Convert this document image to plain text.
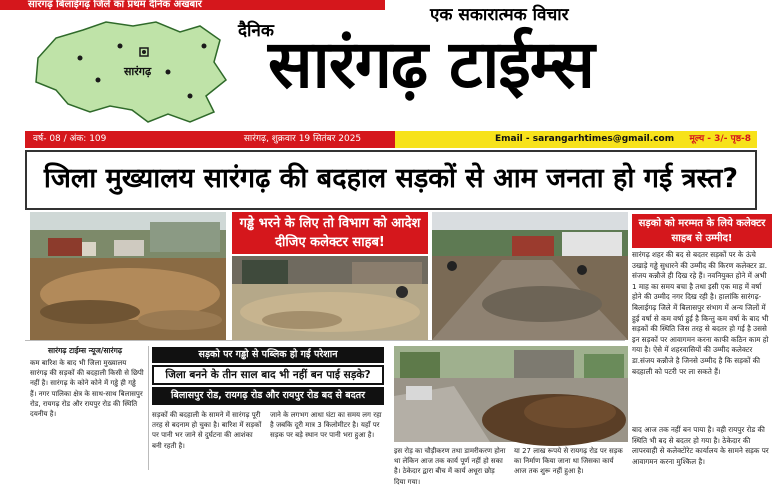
सारंगढ़ बिलाईगढ़ जिले का प्रथम दैनिक अखबार
सारंगढ़
दैनिक
एक सकारात्मक विचार
सारंगढ़ टाईम्स
वर्ष- 08 / अंक: 109	सारंगढ़, शुक्रवार 19 सितंबर 2025	Email - sarangarhtimes@gmail.com मूल्य - 3/- पृष्ठ-8
जिला मुख्यालय सारंगढ़ की बदहाल सड़कों से आम जनता हो गई त्रस्त?
गड्ढे भरने के लिए तो विभाग को आदेश दीजिए कलेक्टर साहब!
सड़को को मरम्मत के लिये कलेक्टर साहब से उम्मीद!
सारंगढ़ शहर की बद से बदतर सड़कों पर के ऊंचे उखाड़े गड्ढे सुधारने की उम्मीद की किरण कलेक्टर डा. संजय कन्नौजे ही दिख रहे हैं। नवनियुक्त होने में अभी 1 माह का समय बचा है तथा इसी एक माह में वर्षा होने की उम्मीद नगर दिख रही है। हालांकि सारंगढ़-बिलाईगढ़ जिले में बिलासपुर संभाग में अन्य जिलों में हुई वर्षा से कम वर्षा हुई है किन्तु कम वर्षा के बाद भी सड़कों की स्थिति जिस तरह से बदतर हो गई है उससे इन सड़कों पर आवागमन करना काफी कठिन काम हो गया है। ऐसे में शहरवासियों की उम्मीद कलेक्टर डा.संजय कन्नौजे है जिनसे उम्मीद है कि सड़कों की बदहाली को पटरी पर ला सकते हैं।
बाद आज तक नहीं बन पाया है। वही रायपुर रोड की स्थिति भी बद से बदतर हो गया है। ठेकेदार की लापरवाही से कलेक्टोरेट कार्यालय के सामने सड़क पर आवागमन करना मुश्किल है।
सारंगढ़ टाईम्स न्यूज/सारंगढ़
कम बारिश के बाद भी जिला मुख्यालय सारंगढ़ की सड़कों की बदहाली किसी से छिपी नहीं है। सारंगढ़ के कोने कोने में गड्ढे ही गड्ढे हैं। नगर पालिका क्षेत्र के साथ-साथ बिलासपुर रोड, रायगढ़ रोड और रायपुर रोड की स्थिति दयनीय है।
सड़को पर गड्ढो से पब्लिक हो गई परेशान
जिला बनने के तीन साल बाद भी नहीं बन पाई सड़के?
बिलासपुर रोड, रायगढ़ रोड और रायपुर रोड बद से बदतर
सड़कों की बदहाली के सामने में सारंगढ़ पूरी तरह से बदनाम हो चुका है। बारिश में सड़कों पर पानी भर जाने से दुर्घटना की आशंका बनी रहती है।
जाने के लगभग आधा घंटा का समय लग रहा है जबकि दूरी मात्र 3 किलोमीटर है। यहाँ पर सड़क पर बड़े स्थान पर पानी भरा हुआ है।
इस रोड़ का चौड़ीकरण तथा डामरीकरण होना था लेकिन आज तक कार्य पूर्ण नहीं हो सका है। ठेकेदार द्वारा बीच में कार्य अधूरा छोड़ दिया गया।
या 27 लाख रूपये से रायगढ़ रोड पर सड़क का निर्माण किया जाना था जिसका कार्य आज तक शुरू नहीं हुआ है।
